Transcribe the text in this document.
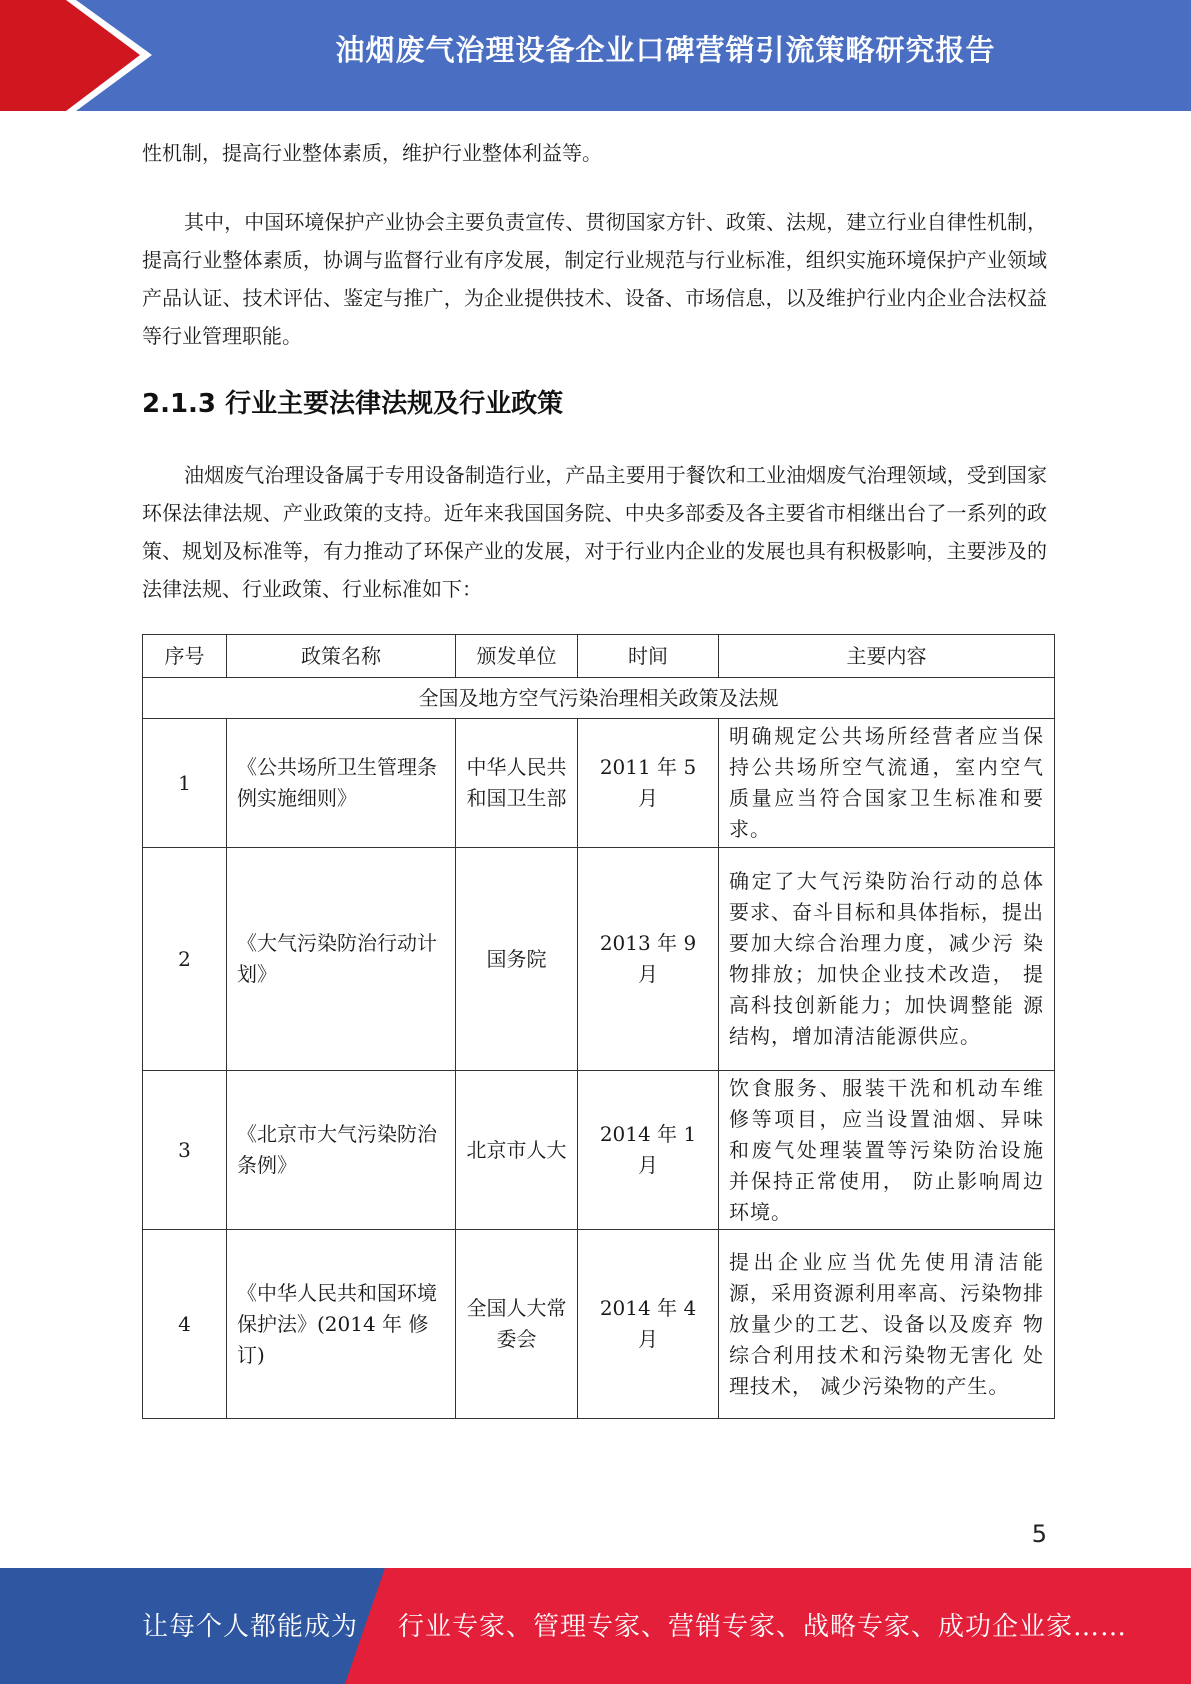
油烟废气治理设备企业口碑营销引流策略研究报告

性机制，提高行业整体素质，维护行业整体利益等。

其中，中国环境保护产业协会主要负责宣传、贯彻国家方针、政策、法规，建立行业自律性机制，提高行业整体素质，协调与监督行业有序发展，制定行业规范与行业标准，组织实施环境保护产业领域产品认证、技术评估、鉴定与推广，为企业提供技术、设备、市场信息，以及维护行业内企业合法权益等行业管理职能。

2.1.3 行业主要法律法规及行业政策

油烟废气治理设备属于专用设备制造行业，产品主要用于餐饮和工业油烟废气治理领域，受到国家环保法律法规、产业政策的支持。近年来我国国务院、中央多部委及各主要省市相继出台了一系列的政策、规划及标准等，有力推动了环保产业的发展，对于行业内企业的发展也具有积极影响，主要涉及的法律法规、行业政策、行业标准如下：

序号	政策名称	颁发单位	时间	主要内容
全国及地方空气污染治理相关政策及法规				
1	《公共场所卫生管理条例实施细则》	中华人民共和国卫生部	2011 年 5 月	明确规定公共场所经营者应当保 持公共场所空气流通，室内空气 质量应当符合国家卫生标准和要 求。
2	《大气污染防治行动计划》	国务院	2013 年 9 月	确定了大气污染防治行动的总体 要求、奋斗目标和具体指标，提出要加大综合治理力度，减少污 染物排放；加快企业技术改造， 提高科技创新能力；加快调整能 源结构，增加清洁能源供应。
3	《北京市大气污染防治条例》	北京市人大	2014 年 1 月	饮食服务、服装干洗和机动车维 修等项目，应当设置油烟、异味 和废气处理装置等污染防治设施 并保持正常使用， 防止影响周边 环境。
4	《中华人民共和国环境保护法》(2014 年 修订)	全国人大常委会	2014 年 4 月	提出企业应当优先使用清洁能 源，采用资源利用率高、污染物排放量少的工艺、设备以及废弃 物综合利用技术和污染物无害化 处理技术， 减少污染物的产生。
5
让每个人都能成为 行业专家、管理专家、营销专家、战略专家、成功企业家……
